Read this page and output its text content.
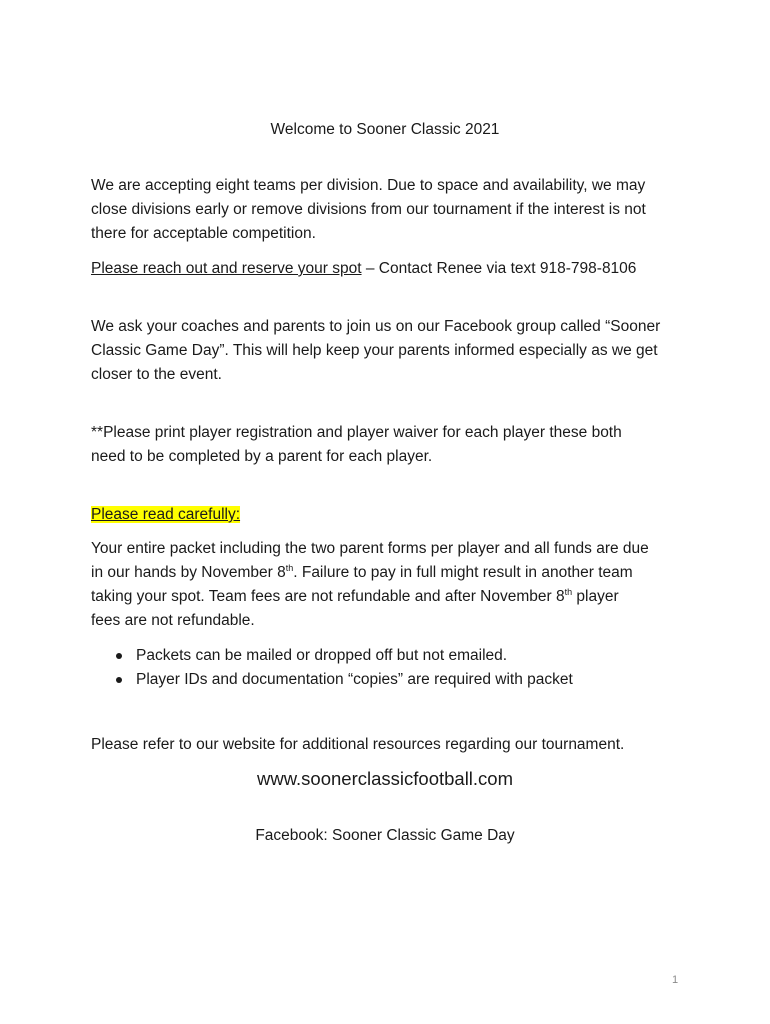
Welcome to Sooner Classic 2021
We are accepting eight teams per division. Due to space and availability, we may
close divisions early or remove divisions from our tournament if the interest is not
there for acceptable competition.
Please reach out and reserve your spot – Contact Renee via text 918-798-8106
We ask your coaches and parents to join us on our Facebook group called “Sooner
Classic Game Day”. This will help keep your parents informed especially as we get
closer to the event.
**Please print player registration and player waiver for each player these both
need to be completed by a parent for each player.
Please read carefully:
Your entire packet including the two parent forms per player and all funds are due
in our hands by November 8th. Failure to pay in full might result in another team
taking your spot. Team fees are not refundable and after November 8th player
fees are not refundable.
Packets can be mailed or dropped off but not emailed.
Player IDs and documentation “copies” are required with packet
Please refer to our website for additional resources regarding our tournament.
www.soonerclassicfootball.com
Facebook: Sooner Classic Game Day
1
